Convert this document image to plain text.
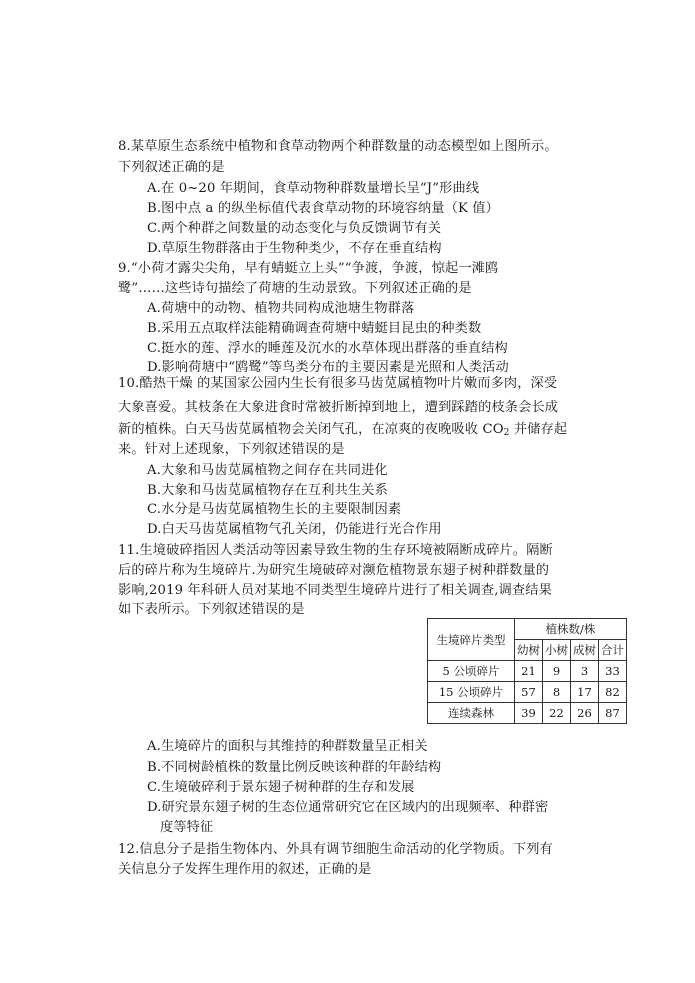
8.某草原生态系统中植物和食草动物两个种群数量的动态模型如上图所示。
下列叙述正确的是
A.在 0~20 年期间，食草动物种群数量增长呈“J”形曲线
B.图中点 a 的纵坐标值代表食草动物的环境容纳量（K 值）
C.两个种群之间数量的动态变化与负反馈调节有关
D.草原生物群落由于生物种类少，不存在垂直结构
9.“小荷才露尖尖角，早有蜻蜓立上头”“争渡，争渡，惊起一滩鸥
鹭”……这些诗句描绘了荷塘的生动景致。下列叙述正确的是
A.荷塘中的动物、植物共同构成池塘生物群落
B.采用五点取样法能精确调查荷塘中蜻蜓目昆虫的种类数
C.挺水的莲、浮水的睡莲及沉水的水草体现出群落的垂直结构
D.影响荷塘中“鸥鹭”等鸟类分布的主要因素是光照和人类活动
10.酷热干燥 的某国家公园内生长有很多马齿苋属植物叶片嫩而多肉，深受
大象喜爱。其枝条在大象进食时常被折断掉到地上，遭到踩踏的枝条会长成
新的植株。白天马齿苋属植物会关闭气孔，在凉爽的夜晚吸收 $CO_2$ 并储存起
来。针对上述现象，下列叙述错误的是
A.大象和马齿苋属植物之间存在共同进化
B.大象和马齿苋属植物存在互利共生关系
C.水分是马齿苋属植物生长的主要限制因素
D.白天马齿苋属植物气孔关闭，仍能进行光合作用
11.生境破碎指因人类活动等因素导致生物的生存环境被隔断成碎片。隔断
后的碎片称为生境碎片.为研究生境破碎对濒危植物景东翅子树种群数量的
影响,2019 年科研人员对某地不同类型生境碎片进行了相关调查,调查结果
如下表所示。下列叙述错误的是
生境碎片类型	植株数/株			
	幼树	小树	成树	合计
5 公顷碎片	21	9	3	33
15 公顷碎片	57	8	17	82
连续森林	39	22	26	87
A.生境碎片的面积与其维持的种群数量呈正相关
B.不同树龄植株的数量比例反映该种群的年龄结构
C.生境破碎利于景东翅子树种群的生存和发展
D.研究景东翅子树的生态位通常研究它在区域内的出现频率、种群密
度等特征
12.信息分子是指生物体内、外具有调节细胞生命活动的化学物质。下列有
关信息分子发挥生理作用的叙述，正确的是
